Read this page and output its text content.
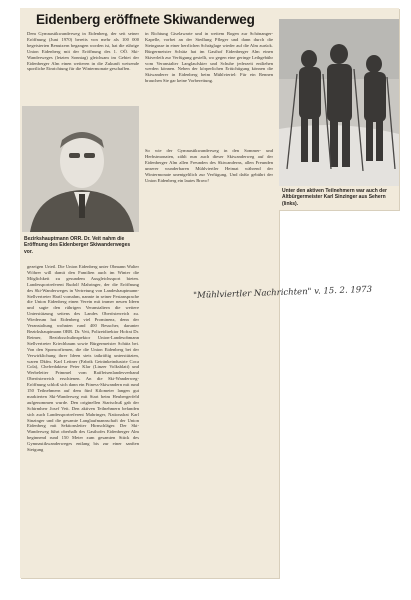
Eidenberg eröffnete Skiwanderweg
Unter den aktiven Teilnehmern war auch der Altbürgermeister Karl Sinzinger aus Sehern (links).
Bezirkshauptmann ORR. Dr. Veit nahm die Eröffnung des Eidenberger Skiwanderweges vor.
Dem Gymnastikwanderweg in Eidenberg, der seit seiner Eröffnung (Juni 1970) bereits von mehr als 100 000 begeisterten Benutzern begangen worden ist, hat die rührige Union Eidenberg mit der Eröffnung des 1. OÖ. Ski-Wanderweges (letzten Sonntag) gleichsam im Gebiet der Eidenberger Alm einen weiteren in die Zukunft weisende sportliche Einrichtung für die Wintermonate geschaffen.
in Richtung Giselawarte und in weitem Bogen zur Schönanger-Kapelle, vorbei an der Siedlung Pfleger und dann durch die Steingasse in einer herrlichen Schräglage wieder auf die Alm zurück. Bürgermeister Schütz hat im Gasthof Eidenberger Alm einen Skiverleih zur Verfügung gestellt, wo gegen eine geringe Leihgebühr vom Veranstalter Langlaufskier und Schuhe jederzeit entliehen werden können. Neben der körperlichen Ertüchtigung können die Skiwanderer in Eidenberg beim Mühlviertel: Für ein Rennen brauchen Sie gar keine Vorbereitung.
So wie der Gymnastikwanderweg in den Sommer- und Herbstmonaten, zählt nun auch dieser Skiwanderweg auf der Eidenberger Alm allen Freunden des Skiwanderns, allen Freunden unserer wunderbaren Mühlviertler Heimat während der Wintermonate unentgeltlich zur Verfügung. Und dafür gebührt der Union Eidenberg ein lautes Bravo!
gezeigen Urteil. Die Union Eidenberg unter Obmann Walter Wöhrer will damit den Familien auch im Winter die Möglichkeit zu gesundem Ausgleichssport bieten. Landessportreferent Rudolf Mahringer, der die Eröffnung des Ski-Wanderweges in Vertretung von Landeshauptmann-Stellvertreter Hartl vornahm, nannte in seiner Festansprache die Union Eidenberg einen Verein mit immer neuen Ideen und sagte den rührigen Veranstaltern die weitere Unterstützung seitens des Landes Oberösterreich zu. Wiederum hat Eidenberg viel Prominenz, denn der Veranstaltung wohnten rund 400 Besucher, darunter Bezirkshauptmann ORR. Dr. Veit, Polizeidirektor Hofrat Dr. Reimer, Bezirksschulinspektor Union-Landesobmann Stellvertreter Kriechbaum sowie Bürgermeister Schütz bei. Von den Sponsorfirmen, die die Union Eidenberg bei der Verwirklichung ihrer Ideen stets tatkräftig unterstützten, waren Dkfm. Karl Leitner (Fabrik Getränkeindustrie Coca Cola), Chefredakteur Peter Klar (Linzer Volksblatt) und Werbeleiter Primmel vom Raiffeisenlandesverband Oberösterreich erschienen. An die Ski-Wanderweg-Eröffnung schloß sich dann ein Fitness-Skiwandern mit rund 150 Teilnehmern auf dem fünf Kilometer langen gut markierten Ski-Wanderweg mit Start beim Heubergerfeld aufgenommen wurde. Den originellen Startschuß gab der Schirmherr Josef Veit. Den aktiven Teilnehmern befanden sich auch Landessportreferent Mahringer, Nationalrat Karl Sinzinger und die gesamte Langlaufmannschaft der Union Eidenberg mit Sektionsleiter Hirnschläger. Der Ski-Wanderweg führt oberhalb des Gasthofes Eidenberger Alm beginnend rund 150 Meter zum gesamten Stück des Gymnastikwanderweges entlang bis zur einer sanften Steigung
"Mühlviertler Nachrichten" v. 15. 2. 1973
